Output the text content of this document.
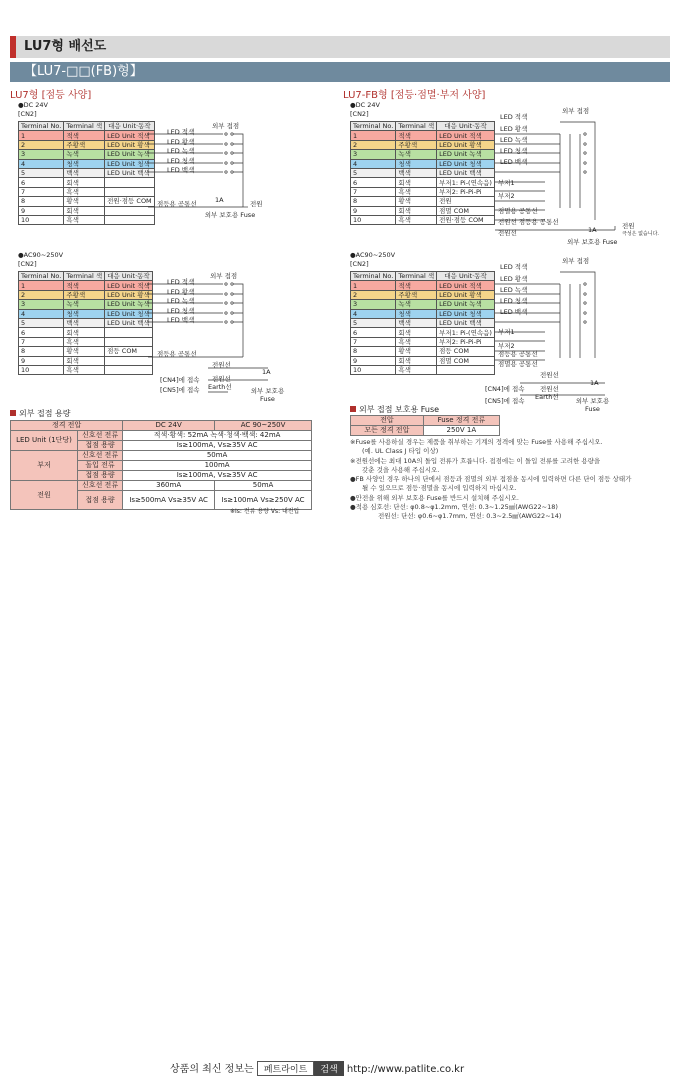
LU7형 배선도
【LU7-□□(FB)형】
LU7형 [점등 사양]
●DC 24V
[CN2]
Terminal No.	Terminal 색	대응 Unit·동작
1	적색	LED Unit 적색
2	주황색	LED Unit 황색
3	녹색	LED Unit 녹색
4	청색	LED Unit 청색
5	백색	LED Unit 백색
6	회색	
7	흑색	
8	황색	전원·점등 COM
9	회색	
10	흑색	
LED 적색
LED 황색
LED 녹색
LED 청색
LED 백색
외부 접점
점등용 공통선	1A	전원
외부 보호용 Fuse
●AC90~250V
[CN2]
Terminal No.	Terminal 색	대응 Unit·동작
1	적색	LED Unit 적색
2	주황색	LED Unit 황색
3	녹색	LED Unit 녹색
4	청색	LED Unit 청색
5	백색	LED Unit 백색
6	회색	
7	흑색	
8	황색	점등 COM
9	회색	
10	흑색	
LED 적색
LED 황색
LED 녹색
LED 청색
LED 백색
외부 접점
점등용 공통선
전원선
1A
[CN4]에 접속 전원선
[CN5]에 접속 Earth선	외부 보호용 Fuse
외부 접점 용량
정격 전압		DC 24V	AC 90~250V
LED Unit (1단당)	신호선 전류	적색·황색: 52mA 녹색·청색·백색: 42mA	
	접점 용량	Is≥100mA, Vs≥35V AC	
부저	신호선 전류	50mA	
	돌입 전류	100mA	
	접점 용량	Is≥100mA, Vs≥35V AC	
전원	신호선 전류	360mA	50mA
	접점 용량	Is≥500mA Vs≥35V AC	Is≥100mA Vs≥250V AC
※Is: 전류 용량 Vs: 내전압
LU7-FB형 [점등·점멸·부저 사양]
●DC 24V
[CN2]
Terminal No.	Terminal 색	대응 Unit·동작
1	적색	LED Unit 적색
2	주황색	LED Unit 황색
3	녹색	LED Unit 녹색
4	청색	LED Unit 청색
5	백색	LED Unit 백색
6	회색	부저1: Pi-(연속음)
7	흑색	부저2: Pi-Pi-Pi
8	황색	전원
9	회색	점멸 COM
10	흑색	전원·점등 COM
LED 적색
LED 황색
LED 녹색
LED 청색
LED 백색
외부 접점
부저1
부저2
점멸용 공통선
전원선 점등용 공통선
전원선	1A	전원
극성은 없습니다.
외부 보호용 Fuse
●AC90~250V
[CN2]
Terminal No.	Terminal 색	대응 Unit·동작
1	적색	LED Unit 적색
2	주황색	LED Unit 황색
3	녹색	LED Unit 녹색
4	청색	LED Unit 청색
5	백색	LED Unit 백색
6	회색	부저1: Pi-(연속음)
7	흑색	부저2: Pi-Pi-Pi
8	황색	점등 COM
9	회색	점멸 COM
10	흑색	
LED 적색
LED 황색
LED 녹색
LED 청색
LED 백색
외부 접점
부저1
부저2
점등용 공통선
점멸용 공통선
전원선
1A
[CN4]에 접속 전원선
[CN5]에 접속 Earth선	외부 보호용 Fuse
외부 접점 보호용 Fuse
전압	Fuse 정격 전류
모든 정격 전압	250V 1A
※Fuse를 사용하실 경우는 제품을 취부하는 기계의 정격에 맞는 Fuse를 사용해 주십시오.
(예. UL Class J 타입 이상)
※전원선에는 최대 10A의 돌입 전류가 흐릅니다. 접점에는 이 돌입 전류를 고려한 용량을
갖춘 것을 사용해 주십시오.
●FB 사양인 경우 하나의 단에서 점등과 점멸의 외부 접점을 동시에 입력하면 다른 단이 점등 상태가
될 수 있으므로 점등·점멸을 동시에 입력하지 마십시오.
●안전을 위해 외부 보호용 Fuse를 반드시 설치해 주십시오.
●적용 심호선: 단선: φ0.8~φ1.2mm, 연선: 0.3~1.25㎟(AWG22~18)
전원선: 단선: φ0.6~φ1.7mm, 연선: 0.3~2.5㎟(AWG22~14)
상품의 최신 정보는 페트라이트 검색 http://www.patlite.co.kr
